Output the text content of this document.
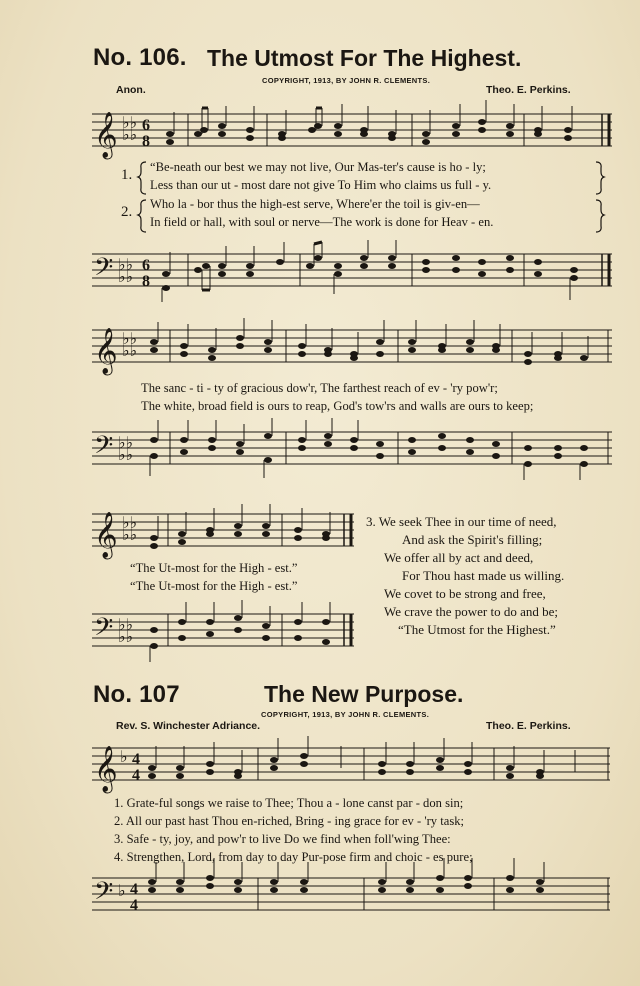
No. 106. The Utmost For The Highest.
COPYRIGHT, 1913, BY JOHN R. CLEMENTS.
Anon.	Theo. E. Perkins.
𝄞 ♭♭
♭♭
6
8
1. “Be-neath our best we may not live, Our Mas-ter's cause is ho - ly;
Less than our ut - most dare not give To Him who claims us full - y.
2. Who la - bor thus the high-est serve, Where'er the toil is giv-en—
In field or hall, with soul or nerve—The work is done for Heav - en.
𝄢 ♭♭
♭♭
6
8
𝄞 ♭♭
♭♭
The sanc - ti - ty of gracious dow'r, The farthest reach of ev - 'ry pow'r;
The white, broad field is ours to reap, God's tow'rs and walls are ours to keep;
𝄢 ♭♭
♭♭
𝄞 ♭♭
♭♭
“The Ut-most for the High - est.”
“The Ut-most for the High - est.”
𝄢 ♭♭
♭♭
3. We seek Thee in our time of need,
And ask the Spirit's filling;
We offer all by act and deed,
For Thou hast made us willing.
We covet to be strong and free,
We crave the power to do and be;
“The Utmost for the Highest.”
No. 107	The New Purpose.
COPYRIGHT, 1913, BY JOHN R. CLEMENTS.
Rev. S. Winchester Adriance.	Theo. E. Perkins.
𝄞 ♭ 4
4
1. Grate-ful songs we raise to Thee; Thou a - lone canst par - don sin;
2. All our past hast Thou en-riched, Bring - ing grace for ev - 'ry task;
3. Safe - ty, joy, and pow'r to live Do we find when foll'wing Thee:
4. Strengthen, Lord, from day to day Pur-pose firm and choic - es pure;
𝄢 ♭ 4
4
